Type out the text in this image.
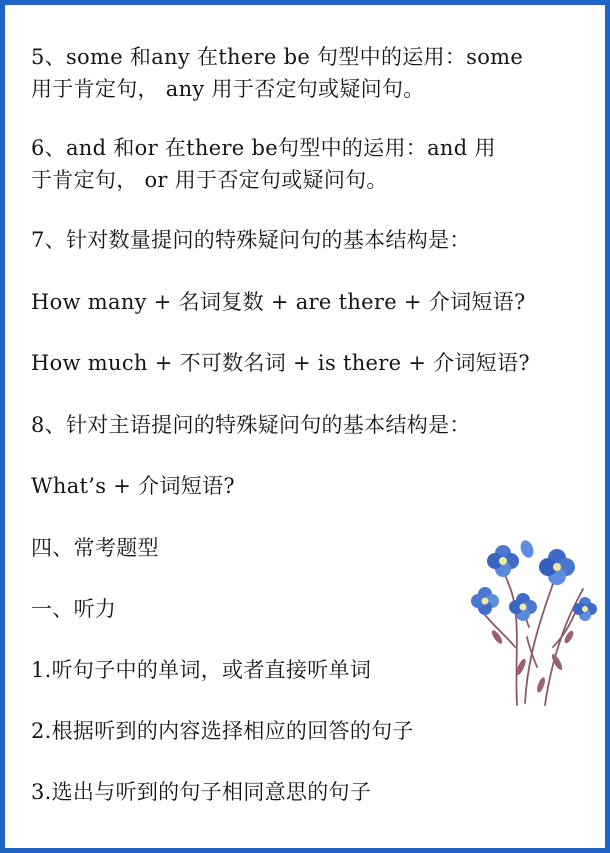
5、some 和any 在there be 句型中的运用：some

用于肯定句， any 用于否定句或疑问句。

6、and 和or 在there be句型中的运用：and 用

于肯定句， or 用于否定句或疑问句。

7、针对数量提问的特殊疑问句的基本结构是：

How many + 名词复数 + are there + 介词短语?

How much + 不可数名词 + is there + 介词短语?

8、针对主语提问的特殊疑问句的基本结构是：

What’s + 介词短语?

四、常考题型

一、听力

1.听句子中的单词，或者直接听单词

2.根据听到的内容选择相应的回答的句子

3.选出与听到的句子相同意思的句子
